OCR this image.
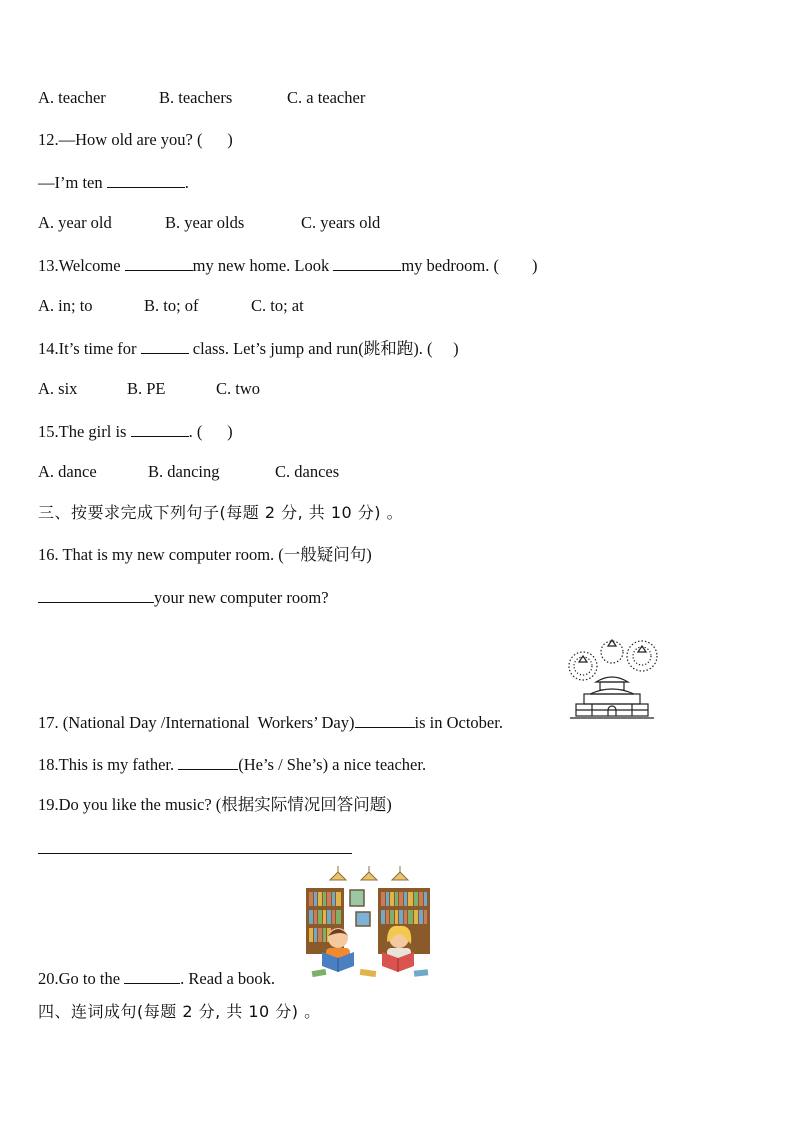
A. teacher	B. teachers	C. a teacher
12.—How old are you? (      )
—I’m ten	.
A. year old	B. year olds	C. years old
13.Welcome	my new home. Look	my bedroom. (        )
A. in; to	B. to; of	C. to; at
14.It’s time for	class. Let’s jump and run(跳和跑). (     )
A. six	B. PE	C. two
15.The girl is	. (      )
A. dance	B. dancing	C. dances
三、按要求完成下列句子(每题 2 分, 共 10 分) 。
16. That is my new computer room. (一般疑问句)
your new computer room?
17. (National Day /International  Workers’ Day)	is in October.
18.This is my father.	(He’s / She’s) a nice teacher.
19.Do you like the music? (根据实际情况回答问题)
20.Go to the	. Read a book.
四、连词成句(每题 2 分, 共 10 分) 。
